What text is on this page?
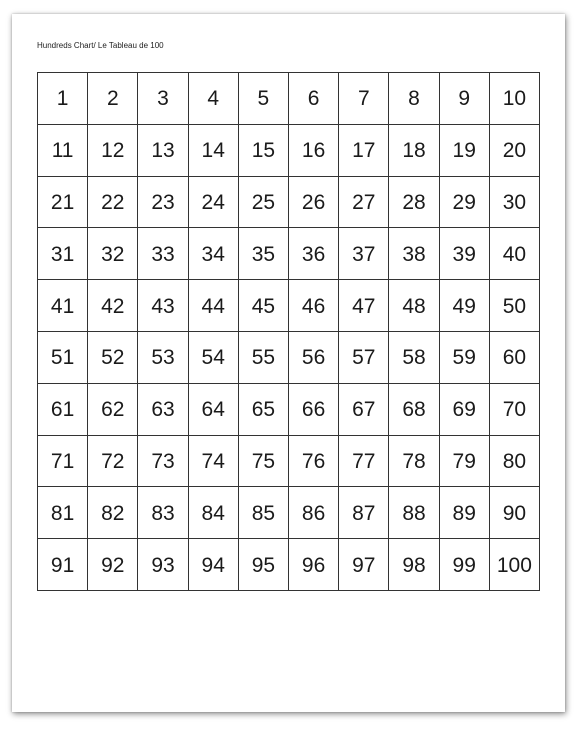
Hundreds Chart/ Le Tableau de 100
1	2	3	4	5	6	7	8	9	10
11	12	13	14	15	16	17	18	19	20
21	22	23	24	25	26	27	28	29	30
31	32	33	34	35	36	37	38	39	40
41	42	43	44	45	46	47	48	49	50
51	52	53	54	55	56	57	58	59	60
61	62	63	64	65	66	67	68	69	70
71	72	73	74	75	76	77	78	79	80
81	82	83	84	85	86	87	88	89	90
91	92	93	94	95	96	97	98	99	100
